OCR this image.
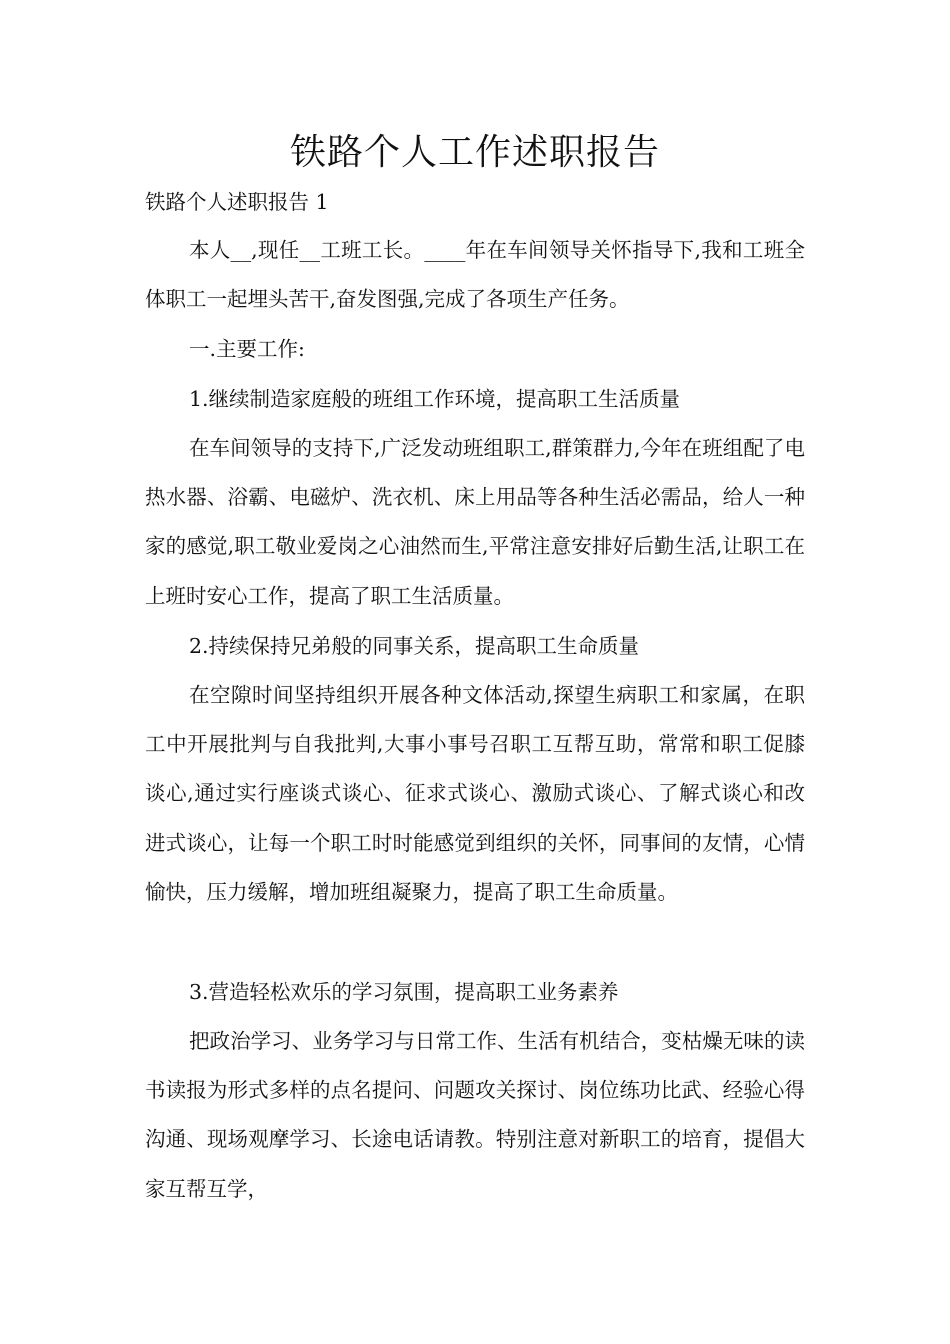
铁路个人工作述职报告

铁路个人述职报告 1

本人__,现任__工班工长。____年在车间领导关怀指导下,我和工班全体职工一起埋头苦干,奋发图强,完成了各项生产任务。

一.主要工作:

1.继续制造家庭般的班组工作环境，提高职工生活质量

在车间领导的支持下,广泛发动班组职工,群策群力,今年在班组配了电热水器、浴霸、电磁炉、洗衣机、床上用品等各种生活必需品，给人一种家的感觉,职工敬业爱岗之心油然而生,平常注意安排好后勤生活,让职工在上班时安心工作，提高了职工生活质量。

2.持续保持兄弟般的同事关系，提高职工生命质量

在空隙时间坚持组织开展各种文体活动,探望生病职工和家属，在职工中开展批判与自我批判,大事小事号召职工互帮互助，常常和职工促膝谈心,通过实行座谈式谈心、征求式谈心、激励式谈心、了解式谈心和改进式谈心，让每一个职工时时能感觉到组织的关怀，同事间的友情，心情愉快，压力缓解，增加班组凝聚力，提高了职工生命质量。

3.营造轻松欢乐的学习氛围，提高职工业务素养

把政治学习、业务学习与日常工作、生活有机结合，变枯燥无味的读书读报为形式多样的点名提问、问题攻关探讨、岗位练功比武、经验心得沟通、现场观摩学习、长途电话请教。特别注意对新职工的培育，提倡大家互帮互学，
